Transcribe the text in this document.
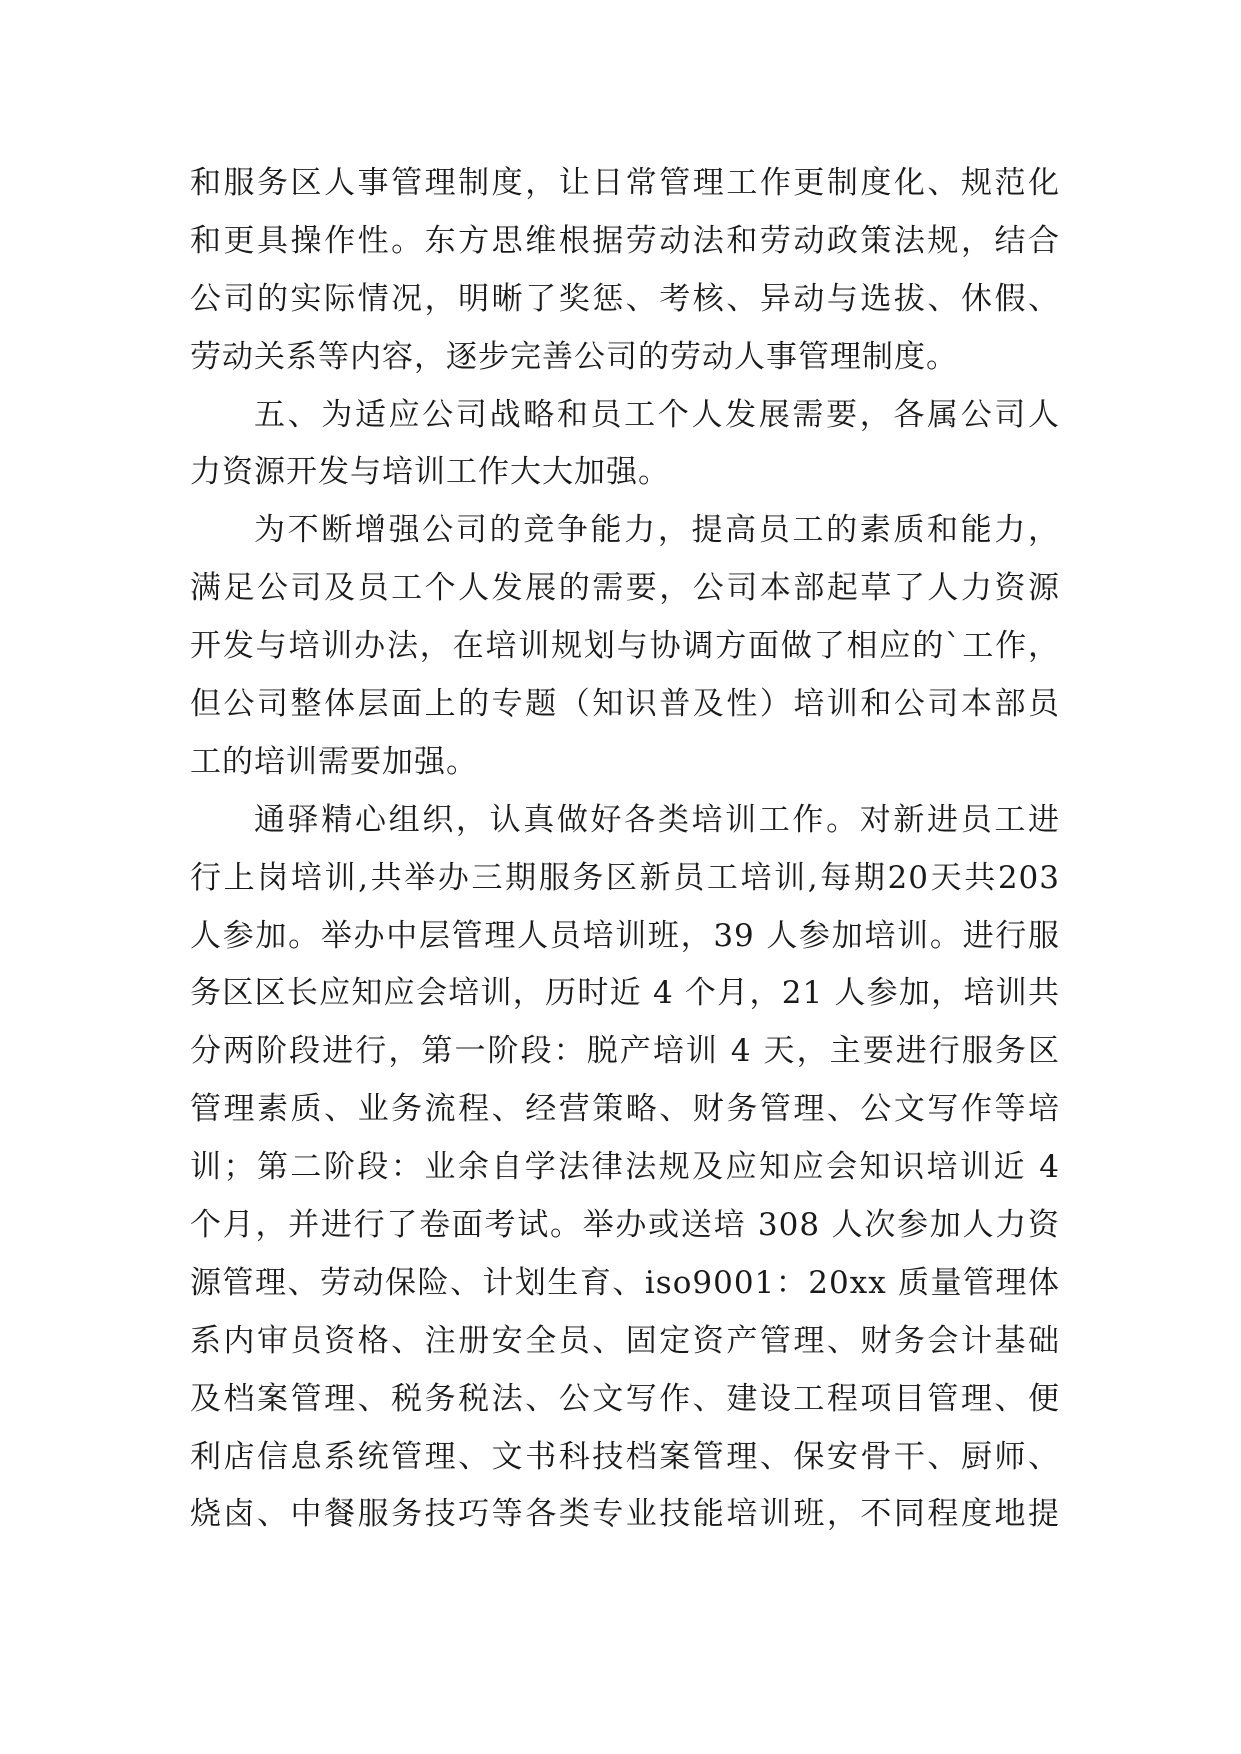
和服务区人事管理制度，让日常管理工作更制度化、规范化
和更具操作性。东方思维根据劳动法和劳动政策法规，结合
公司的实际情况，明晰了奖惩、考核、异动与选拔、休假、
劳动关系等内容，逐步完善公司的劳动人事管理制度。
五、为适应公司战略和员工个人发展需要，各属公司人
力资源开发与培训工作大大加强。
为不断增强公司的竞争能力，提高员工的素质和能力，
满足公司及员工个人发展的需要，公司本部起草了人力资源
开发与培训办法，在培训规划与协调方面做了相应的`工作，
但公司整体层面上的专题（知识普及性）培训和公司本部员
工的培训需要加强。
通驿精心组织，认真做好各类培训工作。对新进员工进
行上岗培训,共举办三期服务区新员工培训,每期20天共203
人参加。举办中层管理人员培训班，39 人参加培训。进行服
务区区长应知应会培训，历时近 4 个月，21 人参加，培训共
分两阶段进行，第一阶段：脱产培训 4 天，主要进行服务区
管理素质、业务流程、经营策略、财务管理、公文写作等培
训；第二阶段：业余自学法律法规及应知应会知识培训近 4
个月，并进行了卷面考试。举办或送培 308 人次参加人力资
源管理、劳动保险、计划生育、iso9001：20xx 质量管理体
系内审员资格、注册安全员、固定资产管理、财务会计基础
及档案管理、税务税法、公文写作、建设工程项目管理、便
利店信息系统管理、文书科技档案管理、保安骨干、厨师、
烧卤、中餐服务技巧等各类专业技能培训班，不同程度地提
